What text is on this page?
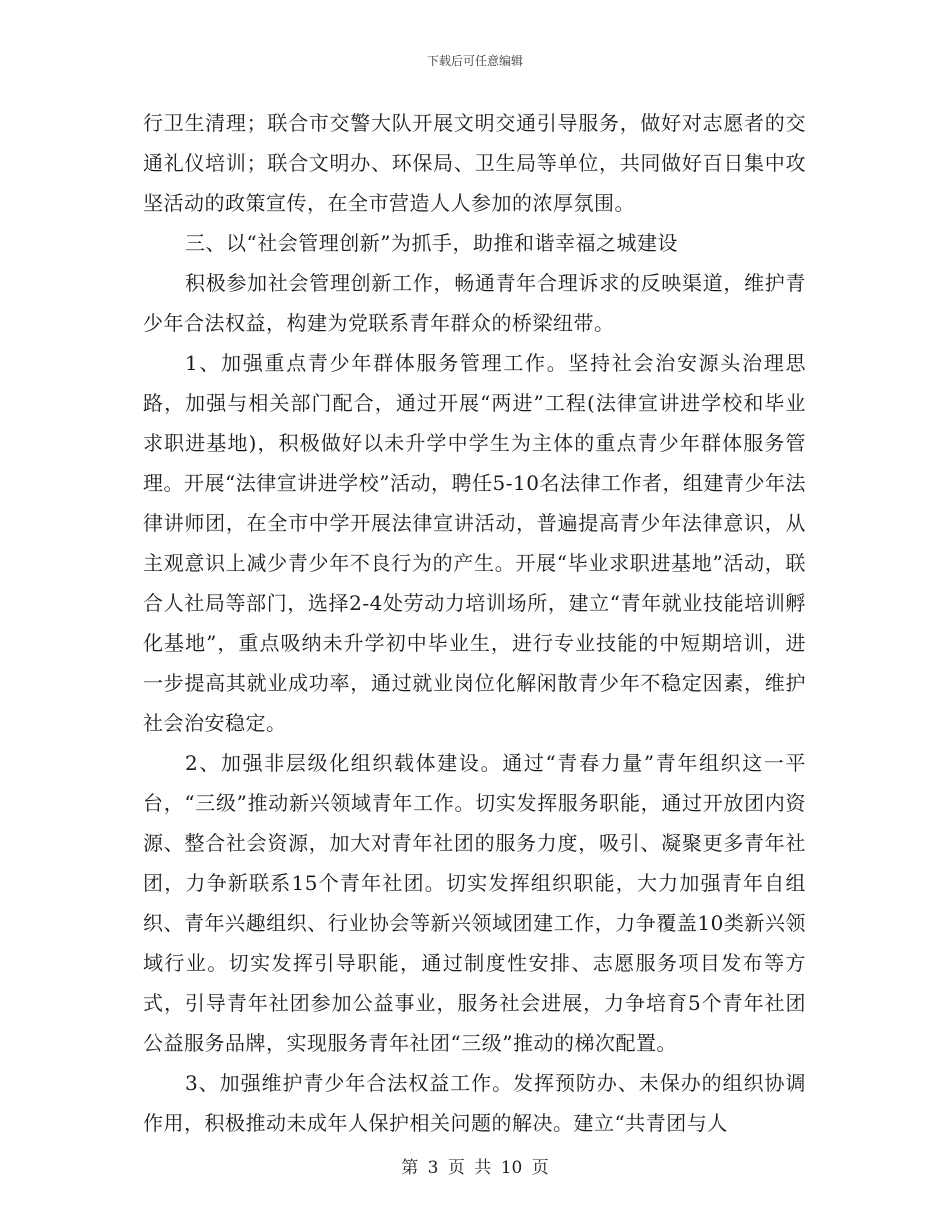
下载后可任意编辑

行卫生清理；联合市交警大队开展文明交通引导服务，做好对志愿者的交通礼仪培训；联合文明办、环保局、卫生局等单位，共同做好百日集中攻坚活动的政策宣传，在全市营造人人参加的浓厚氛围。

三、以“社会管理创新”为抓手，助推和谐幸福之城建设

积极参加社会管理创新工作，畅通青年合理诉求的反映渠道，维护青少年合法权益，构建为党联系青年群众的桥梁纽带。

1、加强重点青少年群体服务管理工作。坚持社会治安源头治理思路，加强与相关部门配合，通过开展“两进”工程(法律宣讲进学校和毕业求职进基地)，积极做好以未升学中学生为主体的重点青少年群体服务管理。开展“法律宣讲进学校”活动，聘任5-10名法律工作者，组建青少年法律讲师团，在全市中学开展法律宣讲活动，普遍提高青少年法律意识，从主观意识上减少青少年不良行为的产生。开展“毕业求职进基地”活动，联合人社局等部门，选择2-4处劳动力培训场所，建立“青年就业技能培训孵化基地”，重点吸纳未升学初中毕业生，进行专业技能的中短期培训，进一步提高其就业成功率，通过就业岗位化解闲散青少年不稳定因素，维护社会治安稳定。

2、加强非层级化组织载体建设。通过“青春力量”青年组织这一平台，“三级”推动新兴领域青年工作。切实发挥服务职能，通过开放团内资源、整合社会资源，加大对青年社团的服务力度，吸引、凝聚更多青年社团，力争新联系15个青年社团。切实发挥组织职能，大力加强青年自组织、青年兴趣组织、行业协会等新兴领域团建工作，力争覆盖10类新兴领域行业。切实发挥引导职能，通过制度性安排、志愿服务项目发布等方式，引导青年社团参加公益事业，服务社会进展，力争培育5个青年社团公益服务品牌，实现服务青年社团“三级”推动的梯次配置。

3、加强维护青少年合法权益工作。发挥预防办、未保办的组织协调作用，积极推动未成年人保护相关问题的解决。建立“共青团与人

第 3 页 共 10 页
